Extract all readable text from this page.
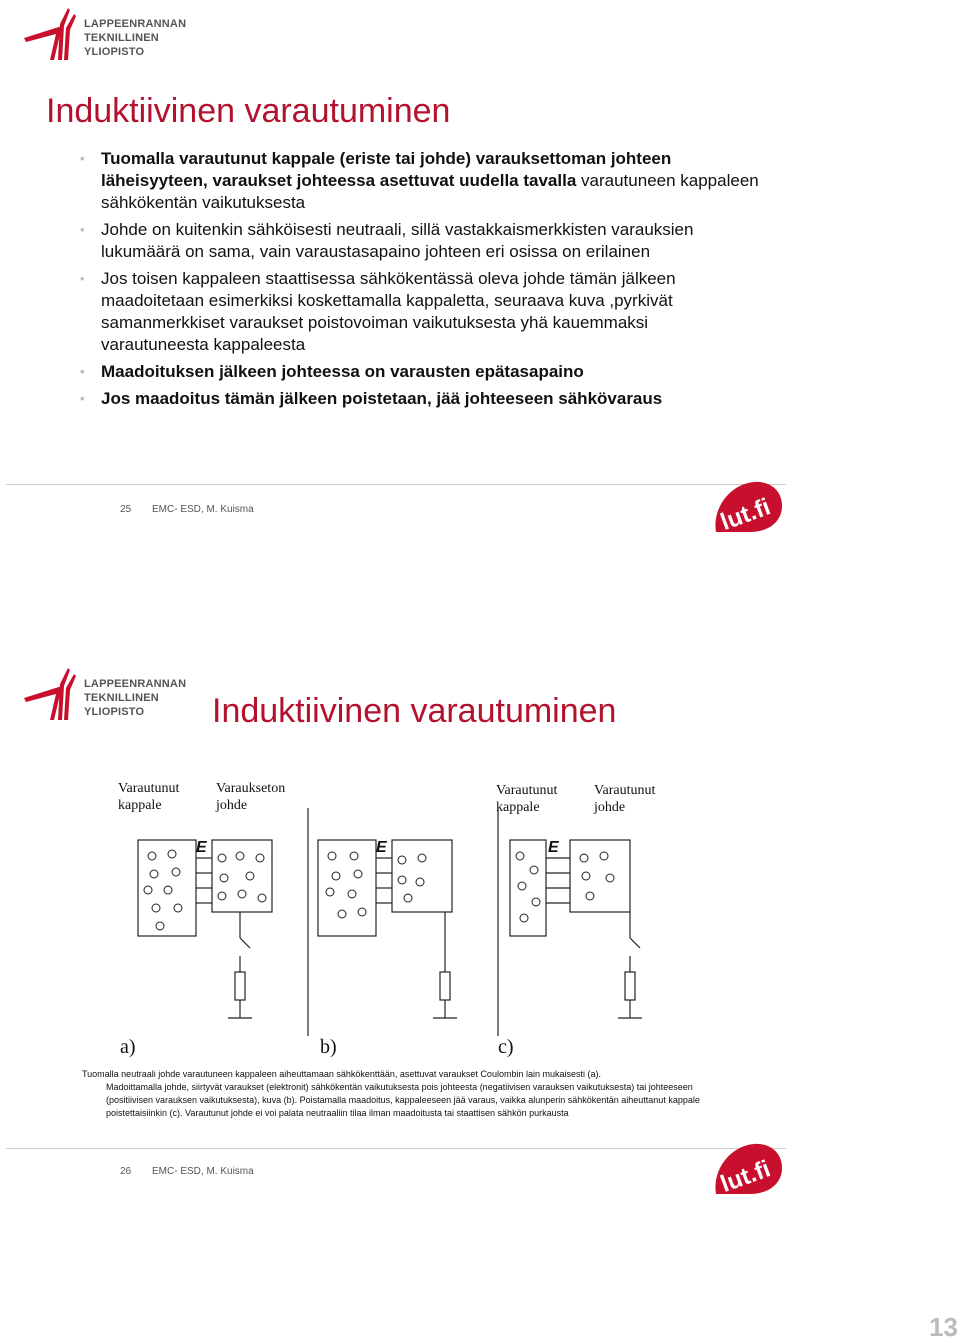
LAPPEENRANNAN
TEKNILLINEN YLIOPISTO
Induktiivinen varautuminen
• Tuomalla varautunut kappale (eriste tai johde) varauksettoman johteen läheisyyteen, varaukset johteessa asettuvat uudella tavalla varautuneen kappaleen sähkökentän vaikutuksesta
• Johde on kuitenkin sähköisesti neutraali, sillä vastakkaismerkkisten varauksien lukumäärä on sama, vain varaustasapaino johteen eri osissa on erilainen
• Jos toisen kappaleen staattisessa sähkökentässä oleva johde tämän jälkeen maadoitetaan esimerkiksi koskettamalla kappaletta, seuraava kuva ,pyrkivät samanmerkkiset varaukset poistovoiman vaikutuksesta yhä kauemmaksi varautuneesta kappaleesta
• Maadoituksen jälkeen johteessa on varausten epätasapaino
• Jos maadoitus tämän jälkeen poistetaan, jää johteeseen sähkövaraus
25 EMC- ESD, M. Kuisma	lut.fi
LAPPEENRANNAN
TEKNILLINEN YLIOPISTO	Induktiivinen varautuminen
Varautunut kappale
Varaukseton johde
Varautunut kappale
Varautunut johde
E	E	E
a)	b)	c)

Tuomalla neutraali johde varautuneen kappaleen aiheuttamaan sähkökenttään, asettuvat varaukset Coulombin lain mukaisesti (a).

Madoittamalla johde, siirtyvät varaukset (elektronit) sähkökentän vaikutuksesta pois johteesta (negatiivisen varauksen vaikutuksesta) tai johteeseen (positiivisen varauksen vaikutuksesta), kuva (b). Poistamalla maadoitus, kappaleeseen jää varaus, vaikka alunperin sähkökentän aiheuttanut kappale poistettaisiinkin (c). Varautunut johde ei voi palata neutraaliin tilaa ilman maadoitusta tai staattisen sähkön purkausta

26 EMC- ESD, M. Kuisma	lut.fi
13
